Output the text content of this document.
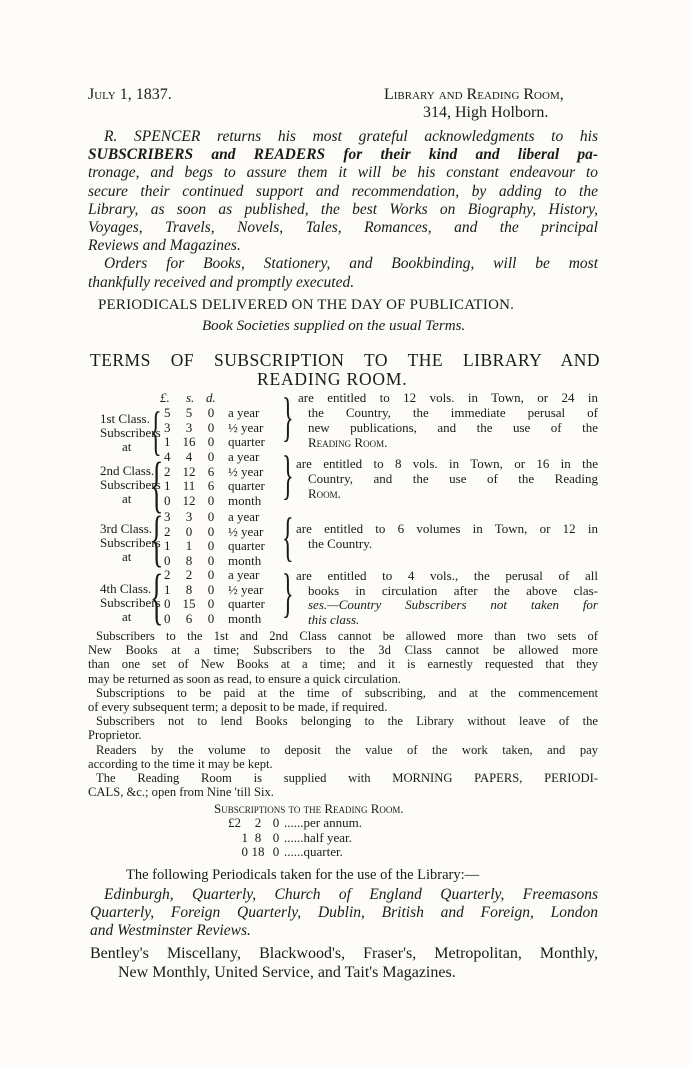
July 1, 1837.	Library and Reading Room,
314, High Holborn.
R. SPENCER returns his most grateful acknowledgments to his
SUBSCRIBERS and READERS for their kind and liberal pa-
tronage, and begs to assure them it will be his constant endeavour to
secure their continued support and recommendation, by adding to the
Library, as soon as published, the best Works on Biography, History,
Voyages, Travels, Novels, Tales, Romances, and the principal
Reviews and Magazines.
Orders for Books, Stationery, and Bookbinding, will be most
thankfully received and promptly executed.
PERIODICALS DELIVERED ON THE DAY OF PUBLICATION.
Book Societies supplied on the usual Terms.
TERMS OF SUBSCRIPTION TO THE LIBRARY AND
READING ROOM.
£. s. d.
1st Class.
Subscribers
at { 5 5 0 a year
3 3 0 ½ year
1 16 0 quarter } are entitled to 12 vols. in Town, or 24 in
the Country, the immediate perusal of
new publications, and the use of the
Reading Room.
2nd Class.
Subscribers
at { 4 4 0 a year
2 12 6 ½ year
1 11 6 quarter
0 12 0 month } are entitled to 8 vols. in Town, or 16 in the
Country, and the use of the Reading
Room.
3rd Class.
Subscribers
at { 3 3 0 a year
2 0 0 ½ year
1 1 0 quarter
0 8 0 month { are entitled to 6 volumes in Town, or 12 in
the Country.
4th Class.
Subscribers
at { 2 2 0 a year
1 8 0 ½ year
0 15 0 quarter
0 6 0 month } are entitled to 4 vols., the perusal of all
books in circulation after the above clas-
ses.—Country Subscribers not taken for
this class.
Subscribers to the 1st and 2nd Class cannot be allowed more than two sets of
New Books at a time; Subscribers to the 3d Class cannot be allowed more
than one set of New Books at a time; and it is earnestly requested that they
may be returned as soon as read, to ensure a quick circulation.
Subscriptions to be paid at the time of subscribing, and at the commencement
of every subsequent term; a deposit to be made, if required.
Subscribers not to lend Books belonging to the Library without leave of the
Proprietor.
Readers by the volume to deposit the value of the work taken, and pay
according to the time it may be kept.
The Reading Room is supplied with MORNING PAPERS, PERIODI-
CALS, &c.; open from Nine 'till Six.
Subscriptions to the Reading Room.
£2 2 0 ......per annum.
1 8 0 ......half year.
0 18 0 ......quarter.
The following Periodicals taken for the use of the Library:—
Edinburgh, Quarterly, Church of England Quarterly, Freemasons
Quarterly, Foreign Quarterly, Dublin, British and Foreign, London
and Westminster Reviews.
Bentley's Miscellany, Blackwood's, Fraser's, Metropolitan, Monthly,
New Monthly, United Service, and Tait's Magazines.
